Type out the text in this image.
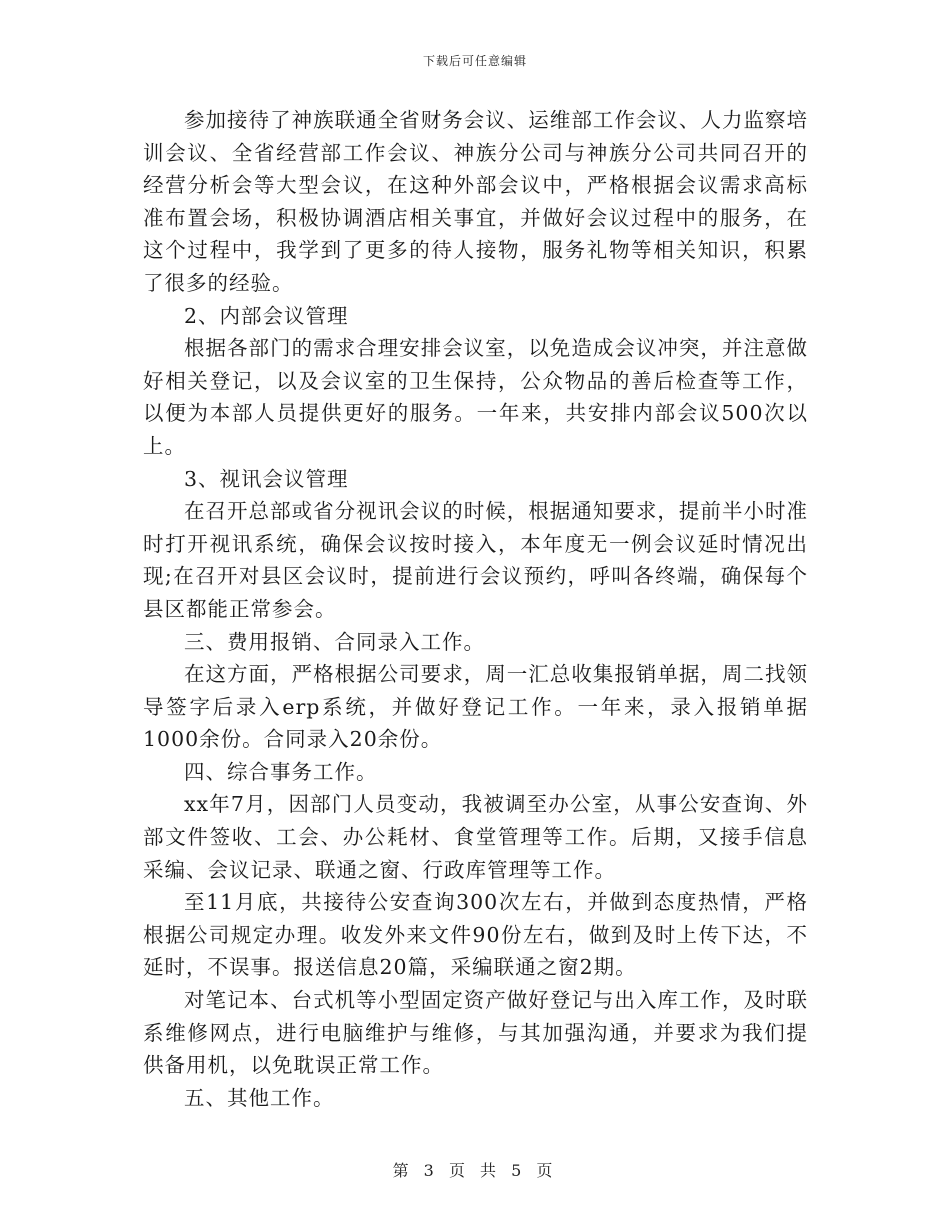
下载后可任意编辑

参加接待了神族联通全省财务会议、运维部工作会议、人力监察培训会议、全省经营部工作会议、神族分公司与神族分公司共同召开的经营分析会等大型会议，在这种外部会议中，严格根据会议需求高标准布置会场，积极协调酒店相关事宜，并做好会议过程中的服务，在这个过程中，我学到了更多的待人接物，服务礼物等相关知识，积累了很多的经验。

2、内部会议管理

根据各部门的需求合理安排会议室，以免造成会议冲突，并注意做好相关登记，以及会议室的卫生保持，公众物品的善后检查等工作，以便为本部人员提供更好的服务。一年来，共安排内部会议500次以上。

3、视讯会议管理

在召开总部或省分视讯会议的时候，根据通知要求，提前半小时准时打开视讯系统，确保会议按时接入，本年度无一例会议延时情况出现;在召开对县区会议时，提前进行会议预约，呼叫各终端，确保每个县区都能正常参会。

三、费用报销、合同录入工作。

在这方面，严格根据公司要求，周一汇总收集报销单据，周二找领导签字后录入erp系统，并做好登记工作。一年来，录入报销单据1000余份。合同录入20余份。

四、综合事务工作。

xx年7月，因部门人员变动，我被调至办公室，从事公安查询、外部文件签收、工会、办公耗材、食堂管理等工作。后期，又接手信息采编、会议记录、联通之窗、行政库管理等工作。

至11月底，共接待公安查询300次左右，并做到态度热情，严格根据公司规定办理。收发外来文件90份左右，做到及时上传下达，不延时，不误事。报送信息20篇，采编联通之窗2期。

对笔记本、台式机等小型固定资产做好登记与出入库工作，及时联系维修网点，进行电脑维护与维修，与其加强沟通，并要求为我们提供备用机，以免耽误正常工作。

五、其他工作。

第 3 页 共 5 页
